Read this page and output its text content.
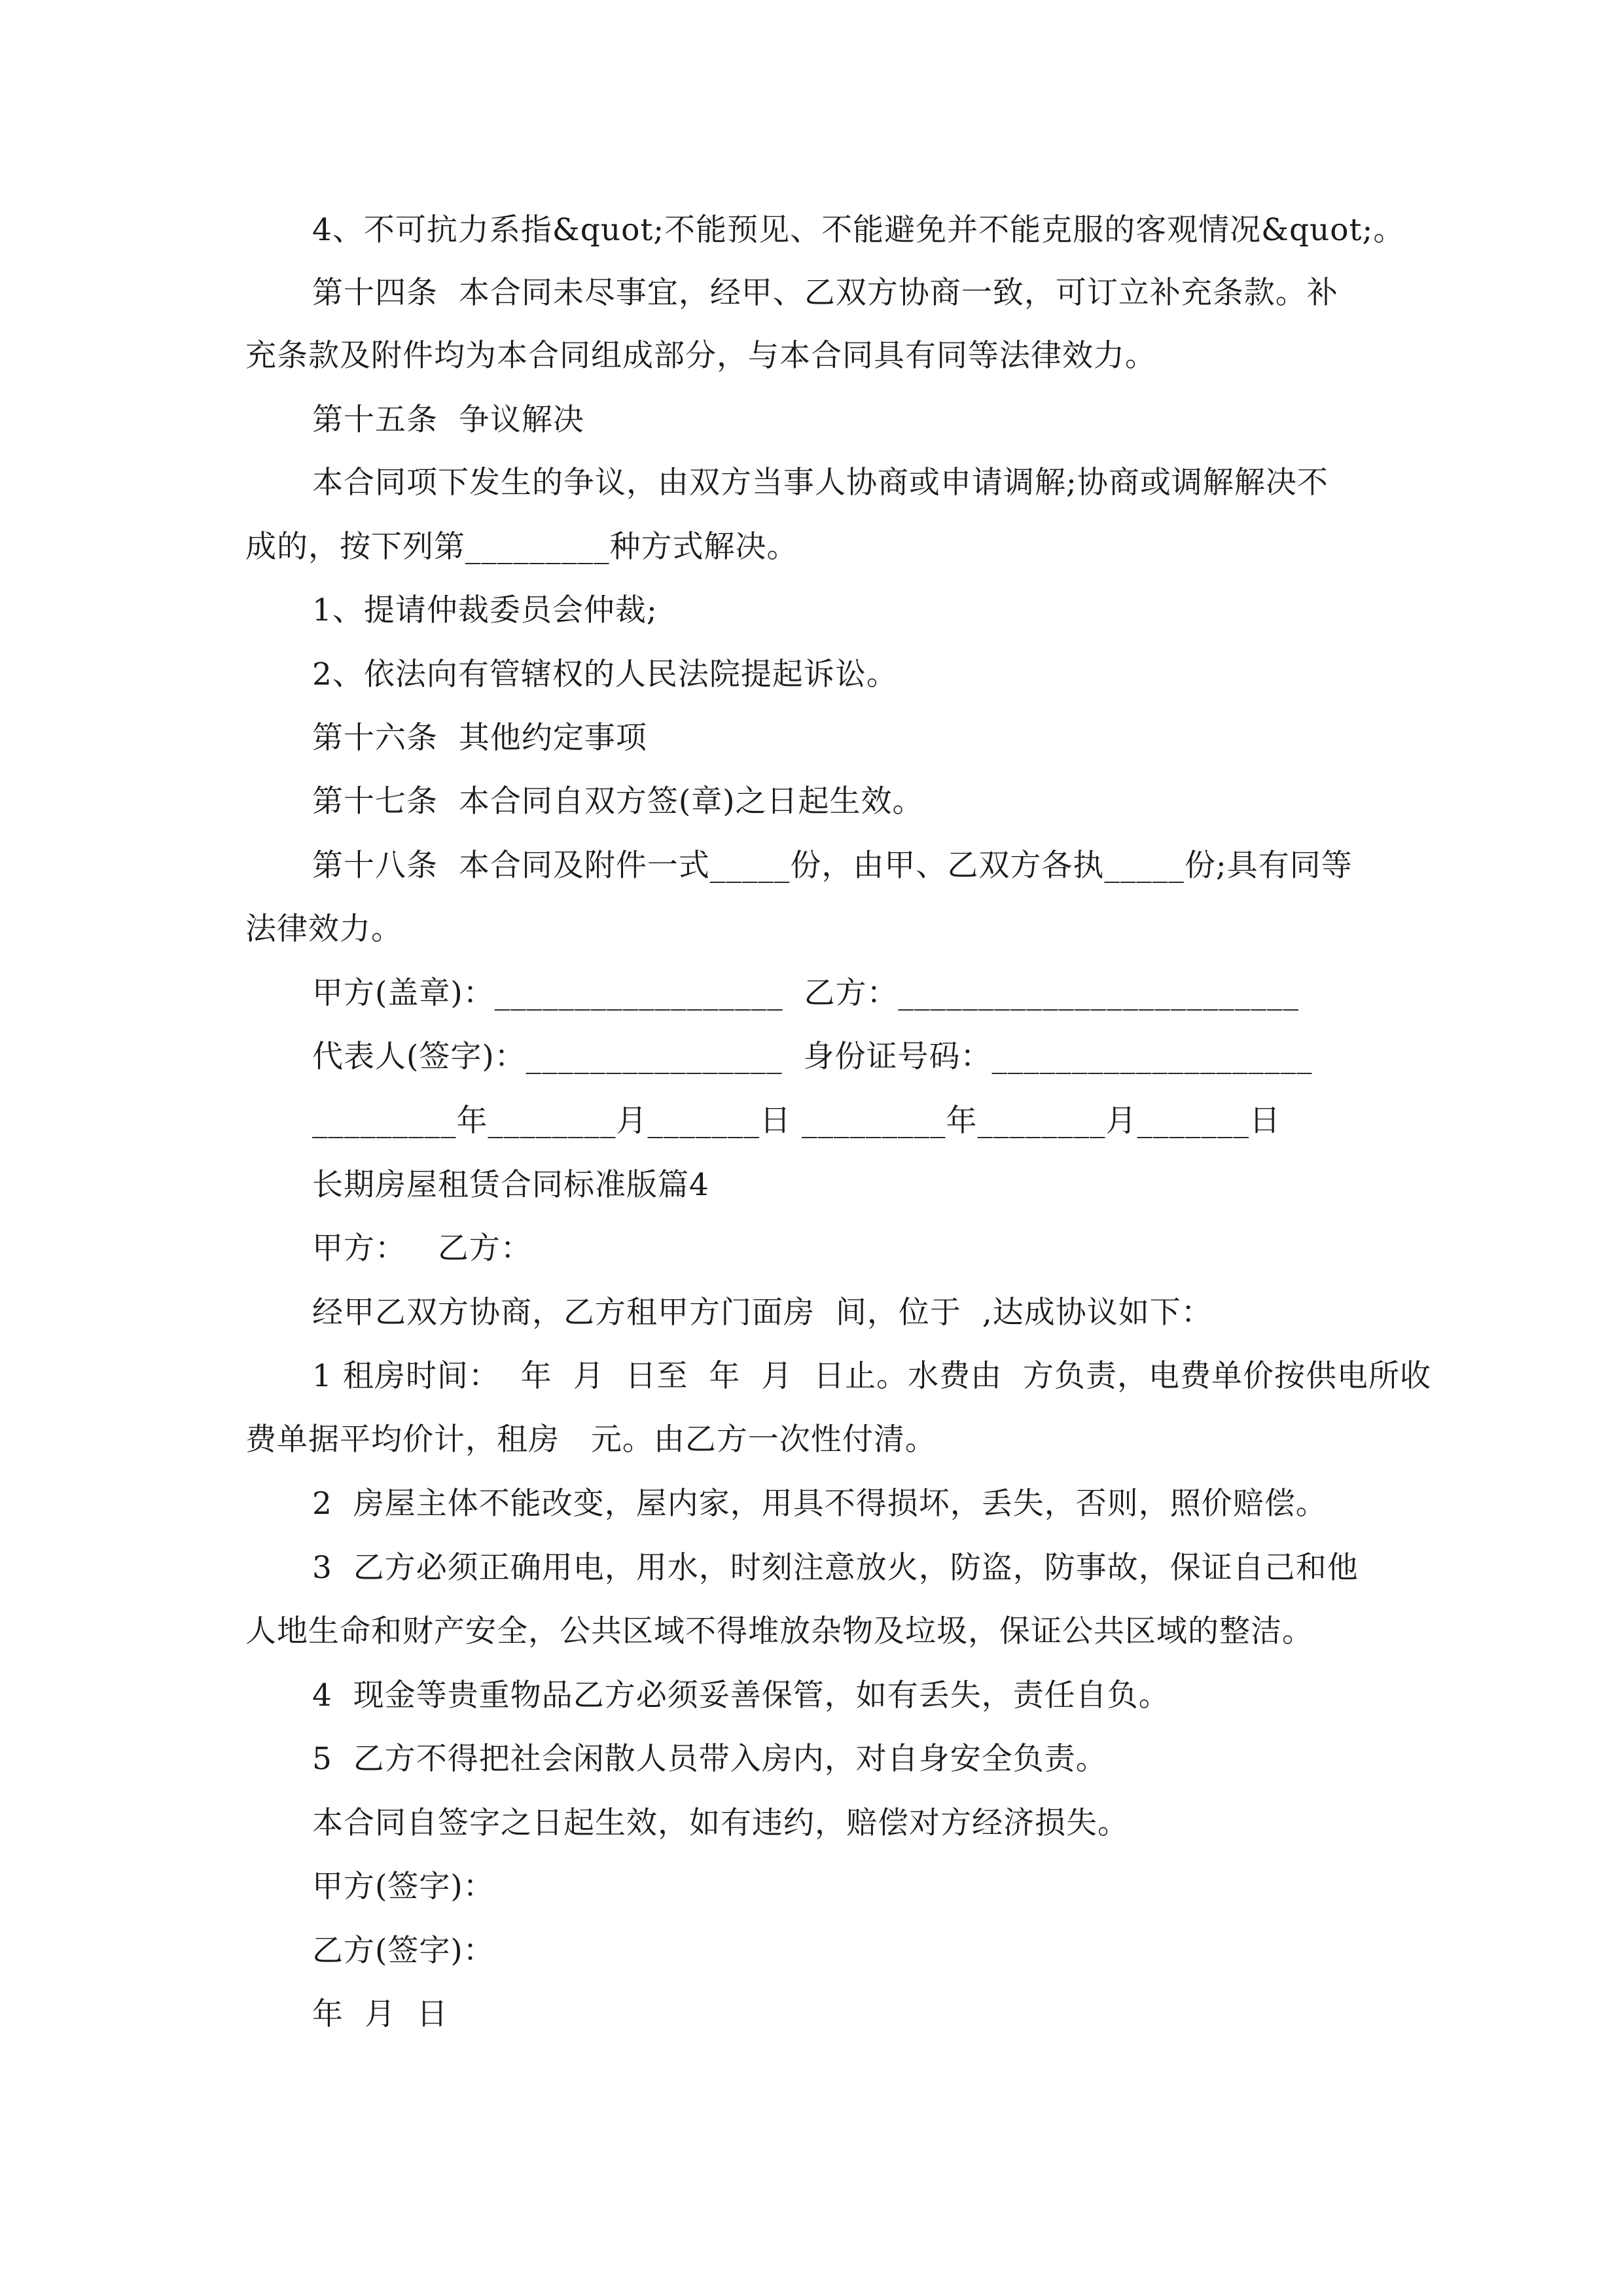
4、不可抗力系指&quot;不能预见、不能避免并不能克服的客观情况&quot;。
第十四条  本合同未尽事宜，经甲、乙双方协商一致，可订立补充条款。补
充条款及附件均为本合同组成部分，与本合同具有同等法律效力。
第十五条  争议解决
本合同项下发生的争议，由双方当事人协商或申请调解;协商或调解解决不
成的，按下列第_________种方式解决。
1、提请仲裁委员会仲裁;
2、依法向有管辖权的人民法院提起诉讼。
第十六条  其他约定事项
第十七条  本合同自双方签(章)之日起生效。
第十八条  本合同及附件一式_____份，由甲、乙双方各执_____份;具有同等
法律效力。
甲方(盖章)：__________________  乙方：_________________________
代表人(签字)：________________  身份证号码：____________________
_________年________月_______日 _________年________月_______日
长期房屋租赁合同标准版篇4
甲方：   乙方：
经甲乙双方协商，乙方租甲方门面房  间，位于  ,达成协议如下：
1 租房时间：  年  月  日至  年  月  日止。水费由  方负责，电费单价按供电所收
费单据平均价计，租房   元。由乙方一次性付清。
2  房屋主体不能改变，屋内家，用具不得损坏，丢失，否则，照价赔偿。
3  乙方必须正确用电，用水，时刻注意放火，防盗，防事故，保证自己和他
人地生命和财产安全，公共区域不得堆放杂物及垃圾，保证公共区域的整洁。
4  现金等贵重物品乙方必须妥善保管，如有丢失，责任自负。
5  乙方不得把社会闲散人员带入房内，对自身安全负责。
本合同自签字之日起生效，如有违约，赔偿对方经济损失。
甲方(签字)：
乙方(签字)：
年  月  日
